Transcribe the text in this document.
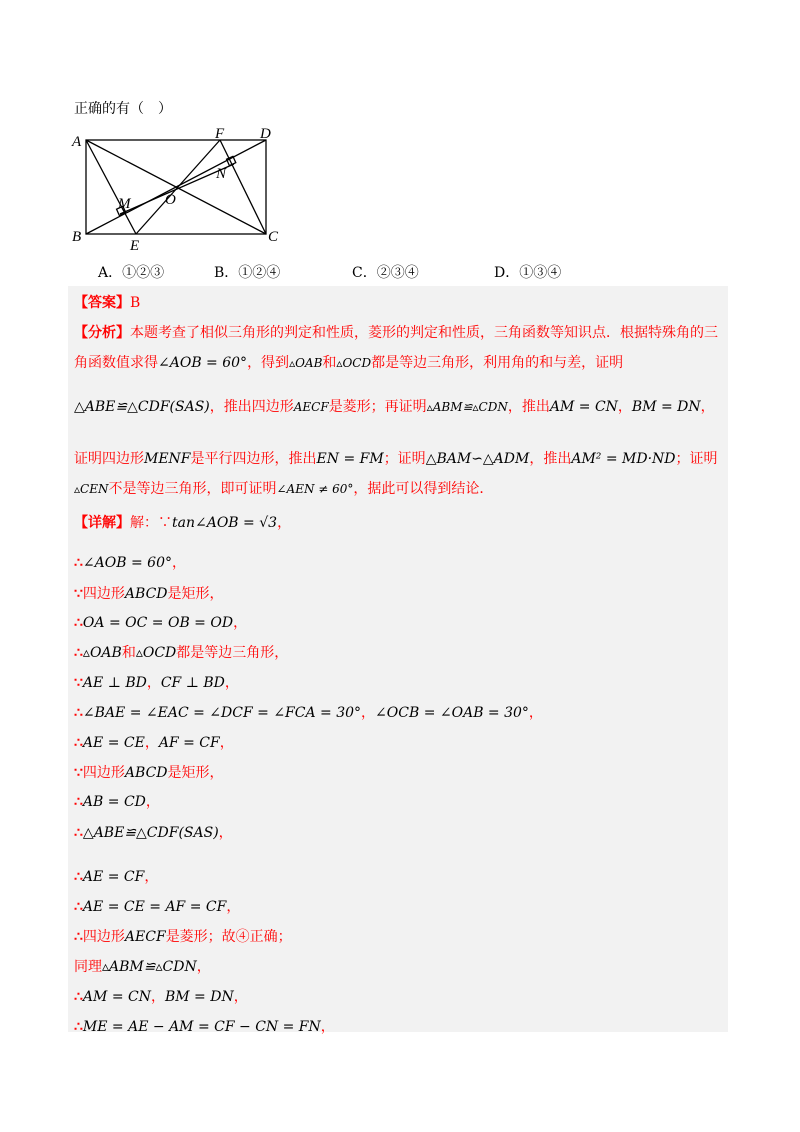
正确的有（　）
A
B	C
D
E
F
M
N
O
A．①②③	B．①②④	C．②③④	D．①③④
【答案】B
【分析】本题考查了相似三角形的判定和性质，菱形的判定和性质，三角函数等知识点．根据特殊角的三
角函数值求得∠AOB = 60°，得到▵OAB和▵OCD都是等边三角形，利用角的和与差，证明
△ABE≌△CDF(SAS)，推出四边形AECF是菱形；再证明▵ABM≌▵CDN，推出AM = CN，BM = DN，
证明四边形MENF是平行四边形，推出EN = FM；证明△BAM∽△ADM，推出AM² = MD·ND；证明
▵CEN不是等边三角形，即可证明∠AEN ≠ 60°，据此可以得到结论．
【详解】解：∵tan∠AOB = √3，
∴∠AOB = 60°，
∵四边形ABCD是矩形，
∴OA = OC = OB = OD，
∴▵OAB和▵OCD都是等边三角形，
∵AE ⊥ BD，CF ⊥ BD，
∴∠BAE = ∠EAC = ∠DCF = ∠FCA = 30°，∠OCB = ∠OAB = 30°，
∴AE = CE，AF = CF，
∵四边形ABCD是矩形，
∴AB = CD，
∴△ABE≌△CDF(SAS)，
∴AE = CF，
∴AE = CE = AF = CF，
∴四边形AECF是菱形；故④正确；
同理▵ABM≌▵CDN，
∴AM = CN，BM = DN，
∴ME = AE − AM = CF − CN = FN，
